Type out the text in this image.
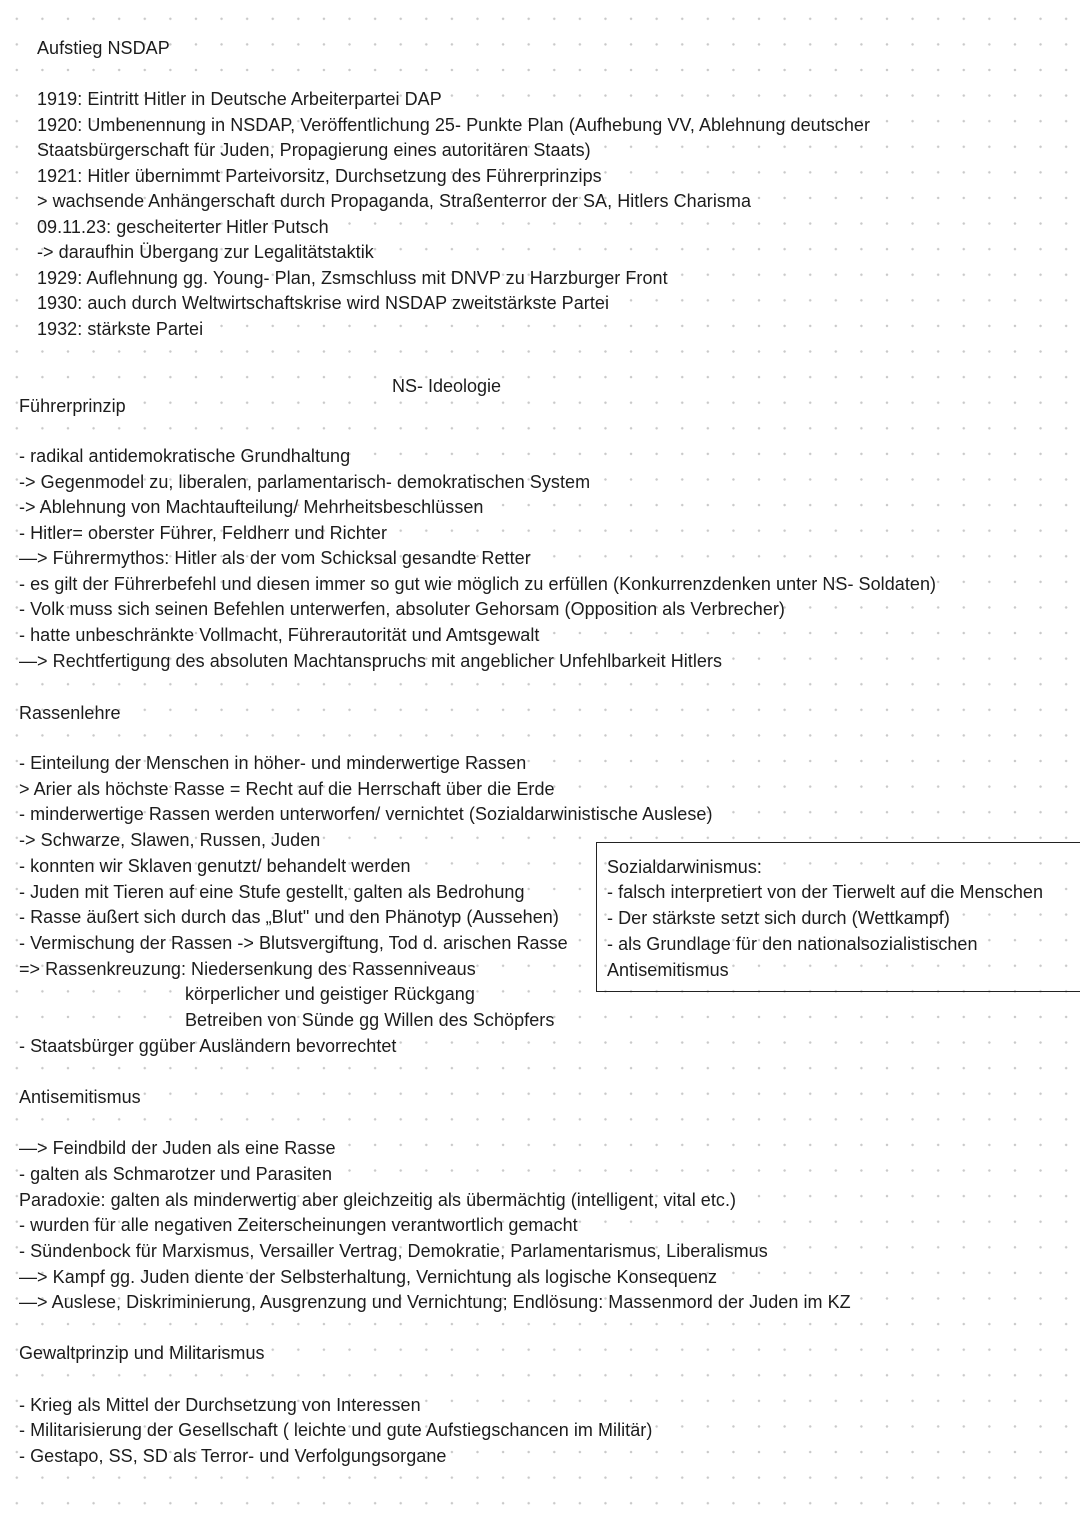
Aufstieg NSDAP
1919: Eintritt Hitler in Deutsche Arbeiterpartei DAP
1920: Umbenennung in NSDAP, Veröffentlichung 25- Punkte Plan (Aufhebung VV, Ablehnung deutscher
Staatsbürgerschaft für Juden, Propagierung eines autoritären Staats)
1921: Hitler übernimmt Parteivorsitz, Durchsetzung des Führerprinzips
> wachsende Anhängerschaft durch Propaganda, Straßenterror der SA, Hitlers Charisma
09.11.23: gescheiterter Hitler Putsch
-> daraufhin Übergang zur Legalitätstaktik
1929: Auflehnung gg. Young- Plan, Zsmschluss mit DNVP zu Harzburger Front
1930: auch durch Weltwirtschaftskrise wird NSDAP zweitstärkste Partei
1932: stärkste Partei
NS- Ideologie
Führerprinzip
- radikal antidemokratische Grundhaltung
-> Gegenmodel zu, liberalen, parlamentarisch- demokratischen System
-> Ablehnung von Machtaufteilung/ Mehrheitsbeschlüssen
- Hitler= oberster Führer, Feldherr und Richter
—> Führermythos: Hitler als der vom Schicksal gesandte Retter
- es gilt der Führerbefehl und diesen immer so gut wie möglich zu erfüllen (Konkurrenzdenken unter NS- Soldaten)
- Volk muss sich seinen Befehlen unterwerfen, absoluter Gehorsam (Opposition als Verbrecher)
- hatte unbeschränkte Vollmacht, Führerautorität und Amtsgewalt
—> Rechtfertigung des absoluten Machtanspruchs mit angeblicher Unfehlbarkeit Hitlers
Rassenlehre
- Einteilung der Menschen in höher- und minderwertige Rassen
> Arier als höchste Rasse = Recht auf die Herrschaft über die Erde
- minderwertige Rassen werden unterworfen/ vernichtet (Sozialdarwinistische Auslese)
-> Schwarze, Slawen, Russen, Juden
- konnten wir Sklaven genutzt/ behandelt werden
- Juden mit Tieren auf eine Stufe gestellt, galten als Bedrohung
- Rasse äußert sich durch das „Blut" und den Phänotyp (Aussehen)
- Vermischung der Rassen -> Blutsvergiftung, Tod d. arischen Rasse
=> Rassenkreuzung: Niedersenkung des Rassenniveaus
körperlicher und geistiger Rückgang
Betreiben von Sünde gg Willen des Schöpfers
- Staatsbürger ggüber Ausländern bevorrechtet
Sozialdarwinismus:
- falsch interpretiert von der Tierwelt auf die Menschen
- Der stärkste setzt sich durch (Wettkampf)
- als Grundlage für den nationalsozialistischen
Antisemitismus
Antisemitismus
—> Feindbild der Juden als eine Rasse
- galten als Schmarotzer und Parasiten
Paradoxie: galten als minderwertig aber gleichzeitig als übermächtig (intelligent, vital etc.)
- wurden für alle negativen Zeiterscheinungen verantwortlich gemacht
- Sündenbock für Marxismus, Versailler Vertrag, Demokratie, Parlamentarismus, Liberalismus
—> Kampf gg. Juden diente der Selbsterhaltung, Vernichtung als logische Konsequenz
—> Auslese, Diskriminierung, Ausgrenzung und Vernichtung; Endlösung: Massenmord der Juden im KZ
Gewaltprinzip und Militarismus
- Krieg als Mittel der Durchsetzung von Interessen
- Militarisierung der Gesellschaft ( leichte und gute Aufstiegschancen im Militär)
- Gestapo, SS, SD als Terror- und Verfolgungsorgane
